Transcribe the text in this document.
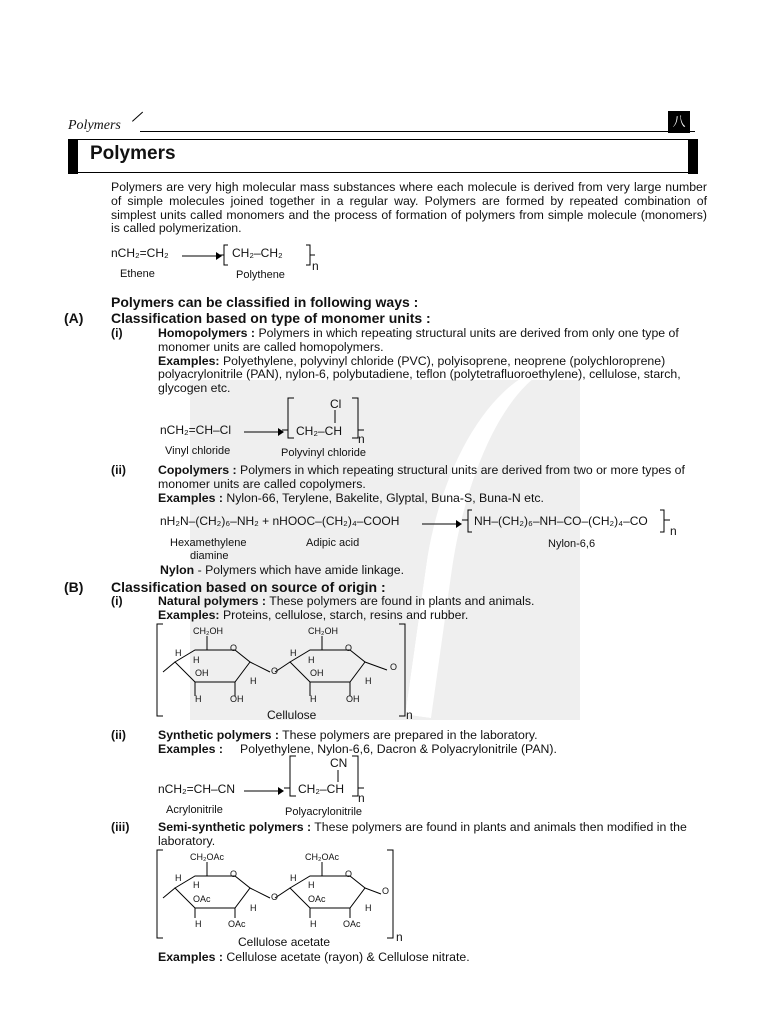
Polymers	八
Polymers
Polymers are very high molecular mass substances where each molecule is derived from very large number of simple molecules joined together in a regular way. Polymers are formed by repeated combination of simplest units called monomers and the process of formation of polymers from simple molecule (monomers) is called polymerization.
nCH₂=CH₂	CH₂–CH₂
n
Ethene	Polythene
Polymers can be classified in following ways :
(A) Classification based on type of monomer units :
(i)	Homopolymers : Polymers in which repeating structural units are derived from only one type of monomer units are called homopolymers.
Examples: Polyethylene, polyvinyl chloride (PVC), polyisoprene, neoprene (polychloroprene) polyacrylonitrile (PAN), nylon-6, polybutadiene, teflon (polytetrafluoroethylene), cellulose, starch, glycogen etc.
nCH₂=CH–Cl
Cl
CH₂–CH
n
Vinyl chloride	Polyvinyl chloride
(ii)	Copolymers : Polymers in which repeating structural units are derived from two or more types of monomer units are called copolymers.
Examples : Nylon-66, Terylene, Bakelite, Glyptal, Buna-S, Buna-N etc.
nH₂N–(CH₂)₆–NH₂ + nHOOC–(CH₂)₄–COOH	NH–(CH₂)₆–NH–CO–(CH₂)₄–CO
n
Hexamethylene
diamine
Adipic acid	Nylon-6,6
Nylon - Polymers which have amide linkage.
(B) Classification based on source of origin :
(i)	Natural polymers : These polymers are found in plants and animals.
Examples: Proteins, cellulose, starch, resins and rubber.
CH₂OH	CH₂OH
O	O
O	O
OH	OH
OH	OH
H
H
H
H
H	H
H	H
Cellulose	n
(ii)	Synthetic polymers : These polymers are prepared in the laboratory.
Examples : Polyethylene, Nylon-6,6, Dacron & Polyacrylonitrile (PAN).
nCH₂=CH–CN
CN
CH₂–CH
n
Acrylonitrile	Polyacrylonitrile
(iii) Semi-synthetic polymers : These polymers are found in plants and animals then modified in the laboratory.
CH₂OAc	CH₂OAc
O	O
O
O
OAc	OAc
OAc	OAc
H
H
H
H
H	H
H	H
Cellulose acetate	n
Examples : Cellulose acetate (rayon) & Cellulose nitrate.
